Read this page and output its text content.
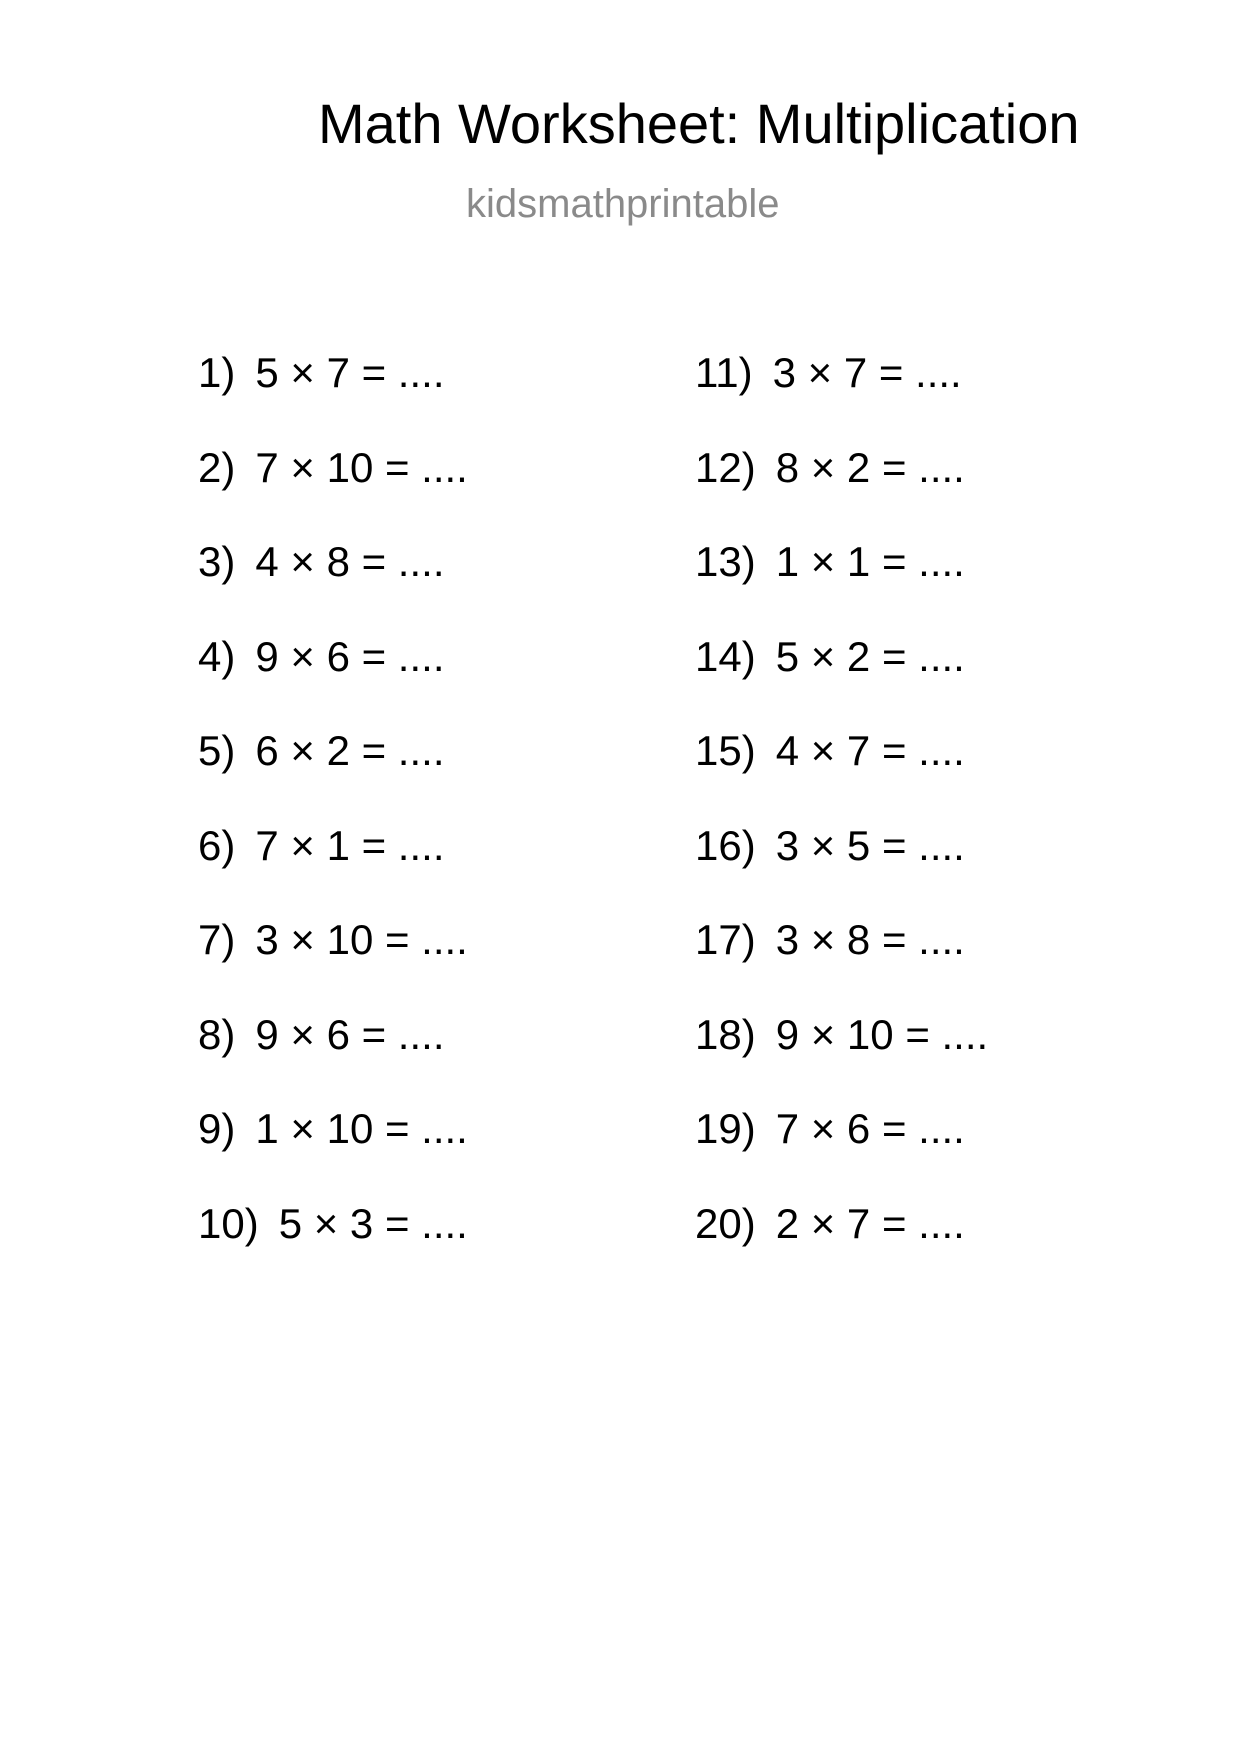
Math Worksheet: Multiplication
kidsmathprintable
1) 5 × 7 = ....
2) 7 × 10 = ....
3) 4 × 8 = ....
4) 9 × 6 = ....
5) 6 × 2 = ....
6) 7 × 1 = ....
7) 3 × 10 = ....
8) 9 × 6 = ....
9) 1 × 10 = ....
10) 5 × 3 = ....
11) 3 × 7 = ....
12) 8 × 2 = ....
13) 1 × 1 = ....
14) 5 × 2 = ....
15) 4 × 7 = ....
16) 3 × 5 = ....
17) 3 × 8 = ....
18) 9 × 10 = ....
19) 7 × 6 = ....
20) 2 × 7 = ....
